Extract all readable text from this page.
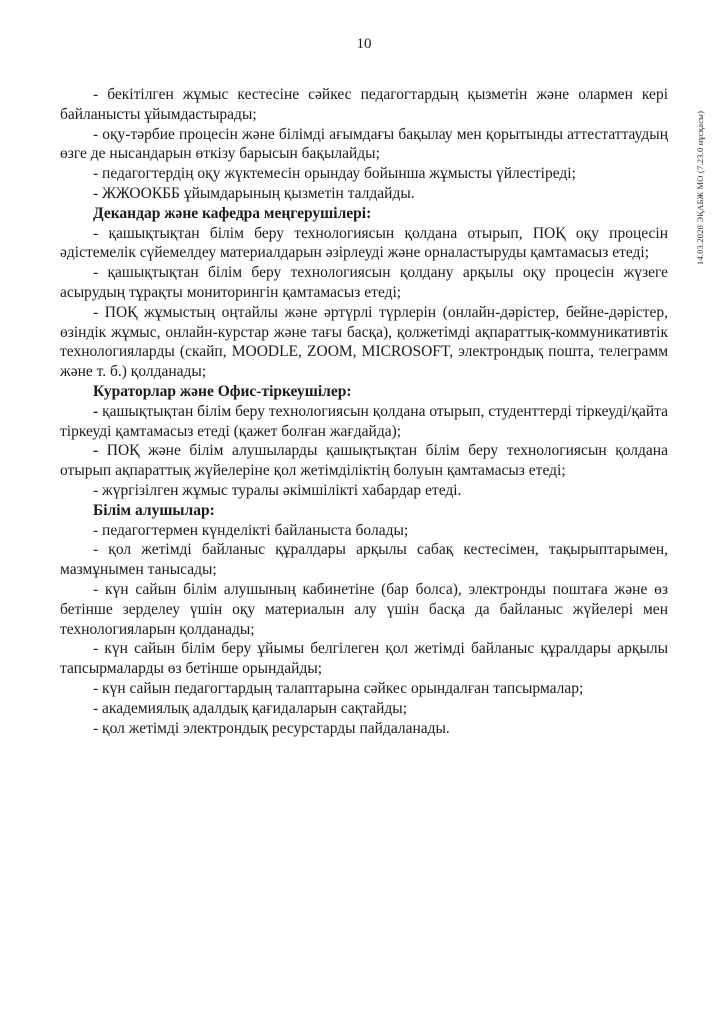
10

- бекітілген жұмыс кестесіне сәйкес педагогтардың қызметін және олармен кері байланысты ұйымдастырады;

- оқу-тәрбие процесін және білімді ағымдағы бақылау мен қорытынды аттестаттаудың өзге де нысандарын өткізу барысын бақылайды;

- педагогтердің оқу жүктемесін орындау бойынша жұмысты үйлестіреді;

- ЖЖООКББ ұйымдарының қызметін талдайды.

Декандар және кафедра меңгерушілері:

- қашықтықтан білім беру технологиясын қолдана отырып, ПОҚ оқу процесін әдістемелік сүйемелдеу материалдарын әзірлеуді және орналастыруды қамтамасыз етеді;

- қашықтықтан білім беру технологиясын қолдану арқылы оқу процесін жүзеге асырудың тұрақты мониторингін қамтамасыз етеді;

- ПОҚ жұмыстың оңтайлы және әртүрлі түрлерін (онлайн-дәрістер, бейне-дәрістер, өзіндік жұмыс, онлайн-курстар және тағы басқа), қолжетімді ақпараттық-коммуникативтік технологияларды (скайп, MOODLE, ZOOM, MICROSOFT, электрондық пошта, телеграмм және т. б.) қолданады;

Кураторлар және Офис-тіркеушілер:

- қашықтықтан білім беру технологиясын қолдана отырып, студенттерді тіркеуді/қайта тіркеуді қамтамасыз етеді (қажет болған жағдайда);

- ПОҚ және білім алушыларды қашықтықтан білім беру технологиясын қолдана отырып ақпараттық жүйелеріне қол жетімділіктің болуын қамтамасыз етеді;

- жүргізілген жұмыс туралы әкімшілікті хабардар етеді.

Білім алушылар:

- педагогтермен күнделікті байланыста болады;

- қол жетімді байланыс құралдары арқылы сабақ кестесімен, тақырыптарымен, мазмұнымен танысады;

- күн сайын білім алушының кабинетіне (бар болса), электронды поштаға және өз бетінше зерделеу үшін оқу материалын алу үшін басқа да байланыс жүйелері мен технологияларын қолданады;

- күн сайын білім беру ұйымы белгілеген қол жетімді байланыс құралдары арқылы тапсырмаларды өз бетінше орындайды;

- күн сайын педагогтардың талаптарына сәйкес орындалған тапсырмалар;

- академиялық адалдық қағидаларын сақтайды;

- қол жетімді электрондық ресурстарды пайдаланады.

14.03.2020 ЭҚАБЖ МО (7.23.0 нұсқасы)
